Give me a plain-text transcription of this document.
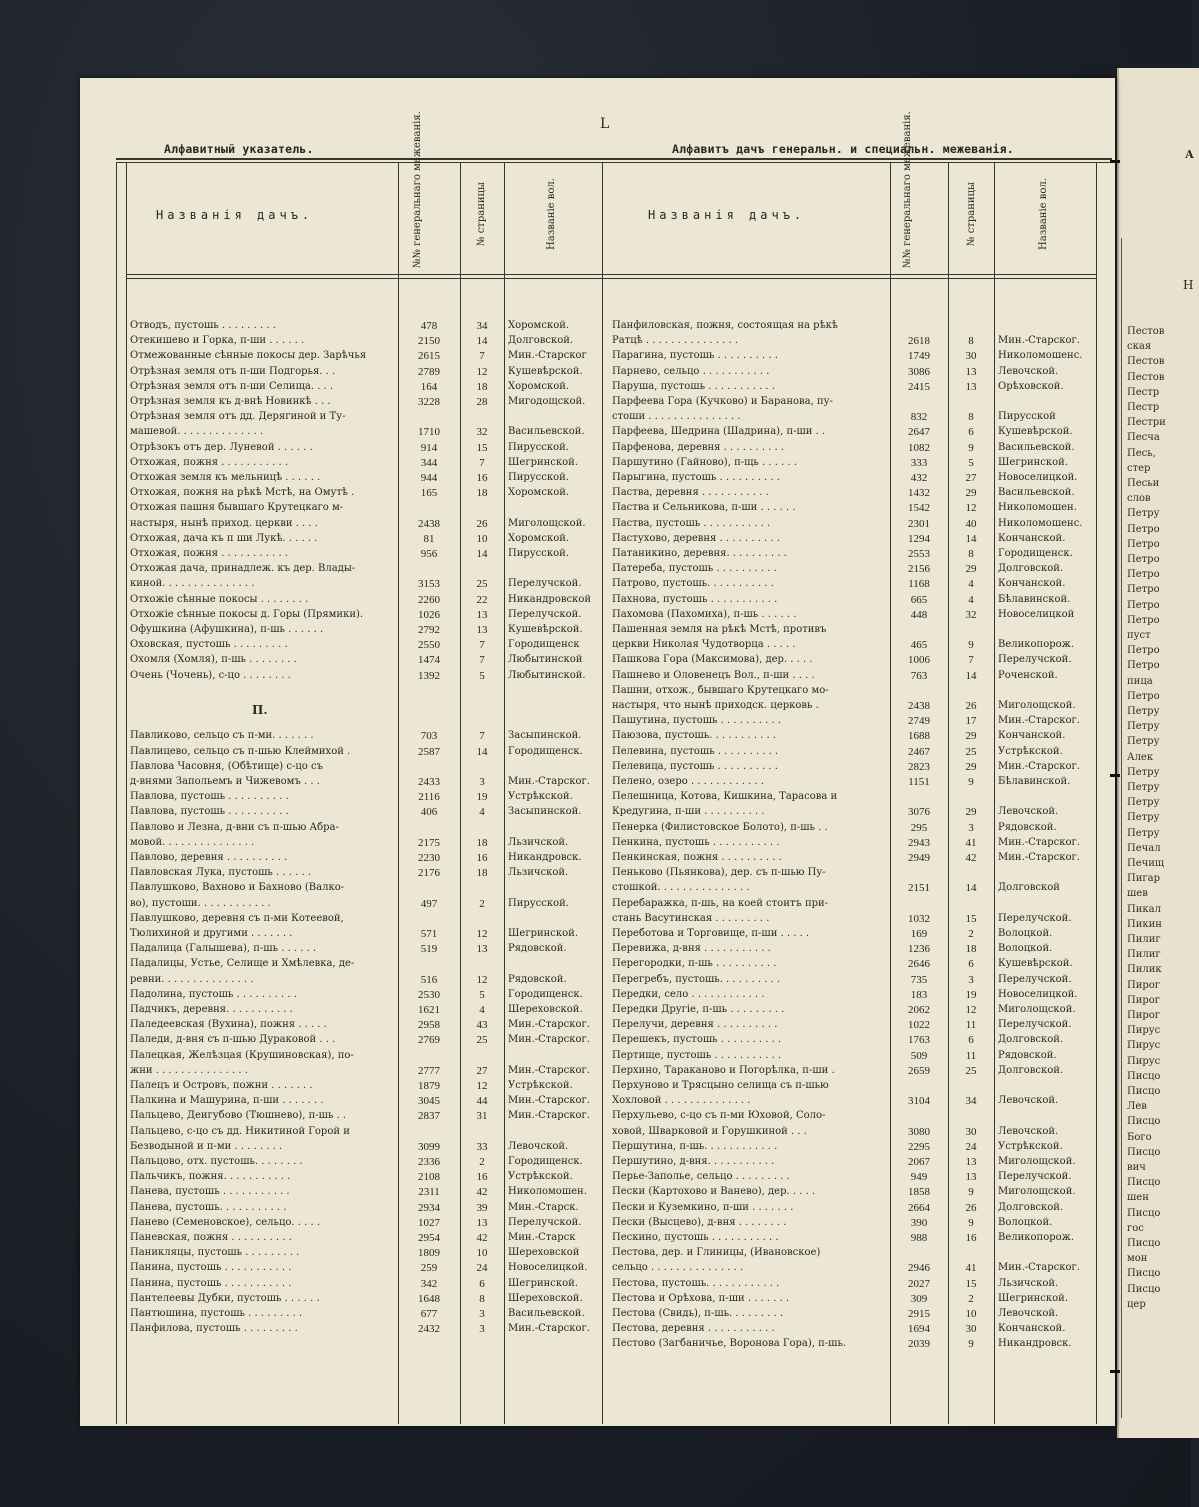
А
Н
Пестов
ская
Пестов
Пестов
Пестр
Пестр
Пестри
Песча
Песь,
стер
Песьи
слов
Петру
Петро
Петро
Петро
Петро
Петро
Петро
Петро
пуст
Петро
Петро
пица
Петро
Петру
Петру
Петру
Алек
Петру
Петру
Петру
Петру
Петру
Печал
Печищ
Пигар
шев
Пикал
Пикин
Пилиг
Пилиг
Пилик
Пирог
Пирог
Пирог
Пирус
Пирус
Пирус
Писцо
Писцо
Лев
Писцо
Бого
Писцо
вич
Писцо
шен
Писцо
гос
Писцо
мон
Писцо
Писцо
цер
L
Алфавитный указатель.	Алфавитъ дачъ генеральн. и специальн. межеванія.
Названія дачъ.	№№ генеральнаго межеванія.	№ страницы	Названіе вол.	Названія дачъ.	№№ генеральнаго межеванія.	№ страницы	Названіе вол.
П.
Отводъ, пустошь . . . . . . . . .	478	34	Хоромской.
Отекишево и Горка, п-ши . . . . . .	2150	14	Долговской.
Отмежованные сѣнные покосы дер. Зарѣчья	2615	7	Мин.-Старског
Отрѣзная земля отъ п-ши Подгорья. . .	2789	12	Кушевѣрской.
Отрѣзная земля отъ п-ши Селища. . . .	164	18	Хоромской.
Отрѣзная земля къ д-внѣ Новинкѣ . . .	3228	28	Мигодощской.
Отрѣзная земля отъ дд. Дерягиной и Ту-
машевой. . . . . . . . . . . . . .	1710	32	Васильевской.
Отрѣзокъ отъ дер. Луневой . . . . . .	914	15	Пирусской.
Отхожая, пожня . . . . . . . . . . .	344	7	Шегринской.
Отхожая земля къ мельницѣ . . . . . .	944	16	Пирусской.
Отхожая, пожня на рѣкѣ Мстѣ, на Омутѣ .	165	18	Хоромской.
Отхожая пашня бывшаго Крутецкаго м-
настыря, нынѣ приход. церкви . . . .	2438	26	Миголощской.
Отхожая, дача къ п ши Лукѣ. . . . . .	81	10	Хоромской.
Отхожая, пожня . . . . . . . . . . .	956	14	Пирусской.
Отхожая дача, принадлеж. къ дер. Влады-
киной. . . . . . . . . . . . . . .	3153	25	Перелучской.
Отхожіе сѣнные покосы . . . . . . . .	2260	22	Никандровской
Отхожіе сѣнные покосы д. Горы (Прямики).	1026	13	Перелучской.
Офушкина (Афушкина), п-шь . . . . . .	2792	13	Кушевѣрской.
Оховская, пустошь . . . . . . . . .	2550	7	Городищенск
Охомля (Хомля), п-шь . . . . . . . .	1474	7	Любытинской
Очень (Чочень), с-цо . . . . . . . .	1392	5	Любытинской.
Павликово, сельцо съ п-ми. . . . . . .	703	7	Засыпинской.
Павлицево, сельцо съ п-шью Клеймихой .	2587	14	Городищенск.
Павлова Часовня, (Обѣтище) с-цо съ
д-внями Запольемъ и Чижевомъ . . .	2433	3	Мин.-Старског.
Павлова, пустошь . . . . . . . . . .	2116	19	Устрѣкской.
Павлова, пустошь . . . . . . . . . .	406	4	Засыпинской.
Павлово и Лезна, д-вни съ п-шью Абра-
мовой. . . . . . . . . . . . . . .	2175	18	Льзичской.
Павлово, деревня . . . . . . . . . .	2230	16	Никандровск.
Павловская Лука, пустошь . . . . . .	2176	18	Льзичской.
Павлушково, Вахново и Бахново (Валко-
во), пустоши. . . . . . . . . . . .	497	2	Пирусской.
Павлушково, деревня съ п-ми Котеевой,
Тюлихиной и другими . . . . . . .	571	12	Шегринской.
Падалица (Галышева), п-шь . . . . . .	519	13	Рядовской.
Падалицы, Устье, Селище и Хмѣлевка, де-
ревни. . . . . . . . . . . . . . .	516	12	Рядовской.
Падолина, пустошь . . . . . . . . . .	2530	5	Городищенск.
Падчикъ, деревня. . . . . . . . . . .	1621	4	Шереховской.
Паледеевская (Вухина), пожня . . . . .	2958	43	Мин.-Старског.
Паледи, д-вня съ п-шью Дураковой . . .	2769	25	Мин.-Старског.
Палецкая, Желѣзцая (Крушиновская), по-
жни . . . . . . . . . . . . . . .	2777	27	Мин.-Старског.
Палецъ и Островъ, пожни . . . . . . .	1879	12	Устрѣкской.
Палкина и Машурина, п-ши . . . . . . .	3045	44	Мин.-Старског.
Пальцево, Деигубово (Тюшнево), п-шь . .	2837	31	Мин.-Старског.
Пальцево, с-цо съ дд. Никитиной Горой и
Безводыной и п-ми . . . . . . . .	3099	33	Левочской.
Пальцово, отх. пустошь. . . . . . . .	2336	2	Городищенск.
Пальчикъ, пожня. . . . . . . . . . .	2108	16	Устрѣкской.
Панева, пустошь . . . . . . . . . . .	2311	42	Николомошен.
Панева, пустошь. . . . . . . . . . .	2934	39	Мин.-Старск.
Панево (Семеновское), сельцо. . . . .	1027	13	Перелучской.
Паневская, пожня . . . . . . . . . .	2954	42	Мин.-Старск
Паникляцы, пустошь . . . . . . . . .	1809	10	Шереховской
Панина, пустошь . . . . . . . . . . .	259	24	Новоселицкой.
Панина, пустошь . . . . . . . . . . .	342	6	Шегринской.
Пантелеевы Дубки, пустошь . . . . . .	1648	8	Шереховской.
Пантюшина, пустошь . . . . . . . . .	677	3	Васильевской.
Панфилова, пустошь . . . . . . . . .	2432	3	Мин.-Старског.
Панфиловская, пожня, состоящая на рѣкѣ
Ратцѣ . . . . . . . . . . . . . . .	2618	8	Мин.-Старског.
Парагина, пустошь . . . . . . . . . .	1749	30	Николомошенс.
Парнево, сельцо . . . . . . . . . . .	3086	13	Левочской.
Паруша, пустошь . . . . . . . . . . .	2415	13	Орѣховской.
Парфеева Гора (Кучково) и Баранова, пу-
стоши . . . . . . . . . . . . . . .	832	8	Пирусской
Парфеева, Шедрина (Шадрина), п-ши . .	2647	6	Кушевѣрской.
Парфенова, деревня . . . . . . . . . .	1082	9	Васильевской.
Паршутино (Гайново), п-щь . . . . . .	333	5	Шегринской.
Парыгина, пустошь . . . . . . . . . .	432	27	Новоселицкой.
Паства, деревня . . . . . . . . . . .	1432	29	Васильевской.
Паства и Сельникова, п-ши . . . . . .	1542	12	Николомошен.
Паства, пустошь . . . . . . . . . . .	2301	40	Николомошенс.
Пастухово, деревня . . . . . . . . . .	1294	14	Кончанской.
Патаникино, деревня. . . . . . . . . .	2553	8	Городищенск.
Патереба, пустошь . . . . . . . . . .	2156	29	Долговской.
Патрово, пустошь. . . . . . . . . . .	1168	4	Кончанской.
Пахнова, пустошь . . . . . . . . . . .	665	4	Бѣлавинской.
Пахомова (Пахомиха), п-шь . . . . . .	448	32	Новоселицкой
Пашенная земля на рѣкѣ Мстѣ, противъ
церкви Николая Чудотворца . . . . .	465	9	Великопорож.
Пашкова Гора (Максимова), дер. . . . .	1006	7	Перелучской.
Пашнево и Оловенецъ Вол., п-ши . . . .	763	14	Роченской.
Пашни, отхож., бывшаго Крутецкаго мо-
настыря, что нынѣ приходск. церковь .	2438	26	Миголощской.
Пашутина, пустошь . . . . . . . . . .	2749	17	Мин.-Старског.
Паюзова, пустошь. . . . . . . . . . .	1688	29	Кончанской.
Пелевина, пустошь . . . . . . . . . .	2467	25	Устрѣкской.
Пелевица, пустошь . . . . . . . . . .	2823	29	Мин.-Старског.
Пелено, озеро . . . . . . . . . . . .	1151	9	Бѣлавинской.
Пелешница, Котова, Кишкина, Тарасова и
Кредугина, п-ши . . . . . . . . . .	3076	29	Левочской.
Пенерка (Филистовское Болото), п-шь . .	295	3	Рядовской.
Пенкина, пустошь . . . . . . . . . . .	2943	41	Мин.-Старског.
Пенкинская, пожня . . . . . . . . . .	2949	42	Мин.-Старског.
Пеньково (Пьянкова), дер. съ п-шью Пу-
стошкой. . . . . . . . . . . . . . .	2151	14	Долговской
Перебаражка, п-шь, на коей стоитъ при-
стань Васутинская . . . . . . . . .	1032	15	Перелучской.
Переботова и Торговище, п-ши . . . . .	169	2	Волоцкой.
Перевижа, д-вня . . . . . . . . . . .	1236	18	Волоцкой.
Перегородки, п-шь . . . . . . . . . .	2646	6	Кушевѣрской.
Перегребъ, пустошь. . . . . . . . . .	735	3	Перелучской.
Передки, село . . . . . . . . . . . .	183	19	Новоселицкой.
Передки Другіе, п-шь . . . . . . . . .	2062	12	Миголощской.
Перелучи, деревня . . . . . . . . . .	1022	11	Перелучской.
Перешекъ, пустошь . . . . . . . . . .	1763	6	Долговской.
Пертище, пустошь . . . . . . . . . . .	509	11	Рядовской.
Перхино, Тараканово и Погорѣлка, п-ши .	2659	25	Долговской.
Перхуново и Трясцыно селища съ п-шью
Хохловой . . . . . . . . . . . . . .	3104	34	Левочской.
Перхульево, с-цо съ п-ми Юховой, Соло-
ховой, Шварковой и Горушкиной . . .	3080	30	Левочской.
Першутина, п-шь. . . . . . . . . . . .	2295	24	Устрѣкской.
Першутино, д-вня. . . . . . . . . . .	2067	13	Миголощской.
Перье-Заполье, сельцо . . . . . . . . .	949	13	Перелучской.
Пески (Картохово и Ванево), дер. . . . .	1858	9	Миголощской.
Пески и Куземкино, п-ши . . . . . . .	2664	26	Долговской.
Пески (Высцево), д-вня . . . . . . . .	390	9	Волоцкой.
Пескино, пустошь . . . . . . . . . . .	988	16	Великопорож.
Пестова, дер. и Глиницы, (Ивановское)
сельцо . . . . . . . . . . . . . . .	2946	41	Мин.-Старског.
Пестова, пустошь. . . . . . . . . . . .	2027	15	Льзичской.
Пестова и Орѣхова, п-ши . . . . . . .	309	2	Шегринской.
Пестова (Свидь), п-шь. . . . . . . . .	2915	10	Левочской.
Пестова, деревня . . . . . . . . . . .	1694	30	Кончанской.
Пестово (Загбаничье, Воронова Гора), п-шь.	2039	9	Никандровск.
